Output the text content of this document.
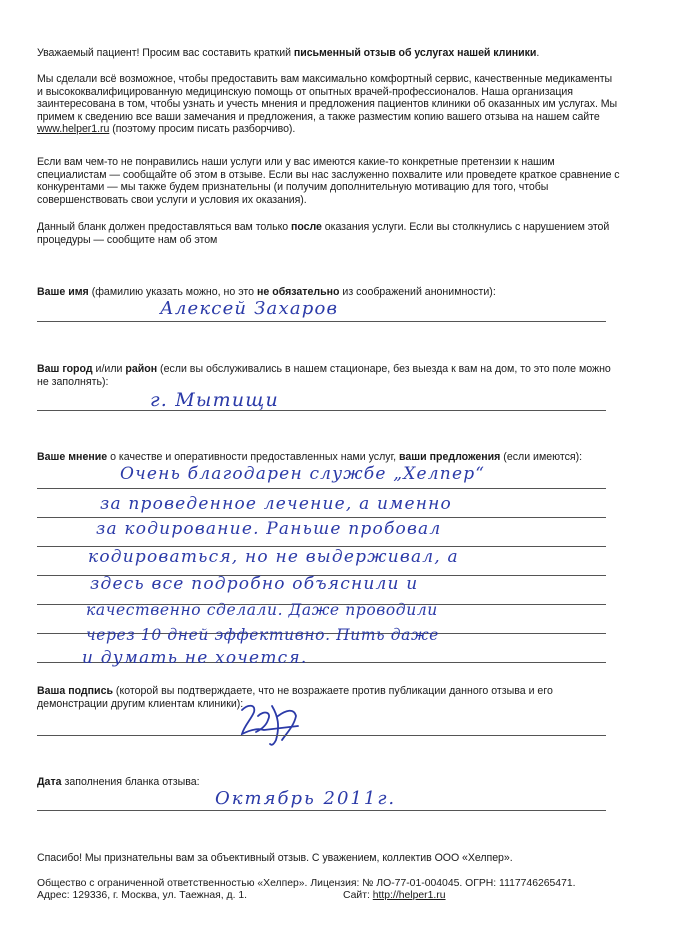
Уважаемый пациент! Просим вас составить краткий письменный отзыв об услугах нашей клиники.

Мы сделали всё возможное, чтобы предоставить вам максимально комфортный сервис, качественные медикаменты и высококвалифицированную медицинскую помощь от опытных врачей-профессионалов. Наша организация заинтересована в том, чтобы узнать и учесть мнения и предложения пациентов клиники об оказанных им услугах. Мы примем к сведению все ваши замечания и предложения, а также разместим копию вашего отзыва на нашем сайте www.helper1.ru (поэтому просим писать разборчиво).

Если вам чем-то не понравились наши услуги или у вас имеются какие-то конкретные претензии к нашим специалистам — сообщайте об этом в отзыве. Если вы нас заслуженно похвалите или проведете краткое сравнение с конкурентами — мы также будем признательны (и получим дополнительную мотивацию для того, чтобы совершенствовать свои услуги и условия их оказания).

Данный бланк должен предоставляться вам только после оказания услуги. Если вы столкнулись с нарушением этой процедуры — сообщите нам об этом

Ваше имя (фамилию указать можно, но это не обязательно из соображений анонимности):
Алексей Захаров
Ваш город и/или район (если вы обслуживались в нашем стационаре, без выезда к вам на дом, то это поле можно не заполнять):
г. Мытищи
Ваше мнение о качестве и оперативности предоставленных нами услуг, ваши предложения (если имеются):
Очень благодарен службе „Хелпер“
за проведенное лечение, а именно
за кодирование. Раньше пробовал
кодироваться, но не выдерживал, а
здесь все подробно объяснили и
качественно сделали. Даже проводили
через 10 дней эффективно. Пить даже
и думать не хочется.
Ваша подпись (которой вы подтверждаете, что не возражаете против публикации данного отзыва и его демонстрации другим клиентам клиники):
Дата заполнения бланка отзыва:
Октябрь 2011г.
Спасибо! Мы признательны вам за объективный отзыв. С уважением, коллектив ООО «Хелпер».
Общество с ограниченной ответственностью «Хелпер». Лицензия: № ЛО-77-01-004045. ОГРН: 1117746265471.
Адрес: 129336, г. Москва, ул. Таежная, д. 1.	Сайт: http://helper1.ru
